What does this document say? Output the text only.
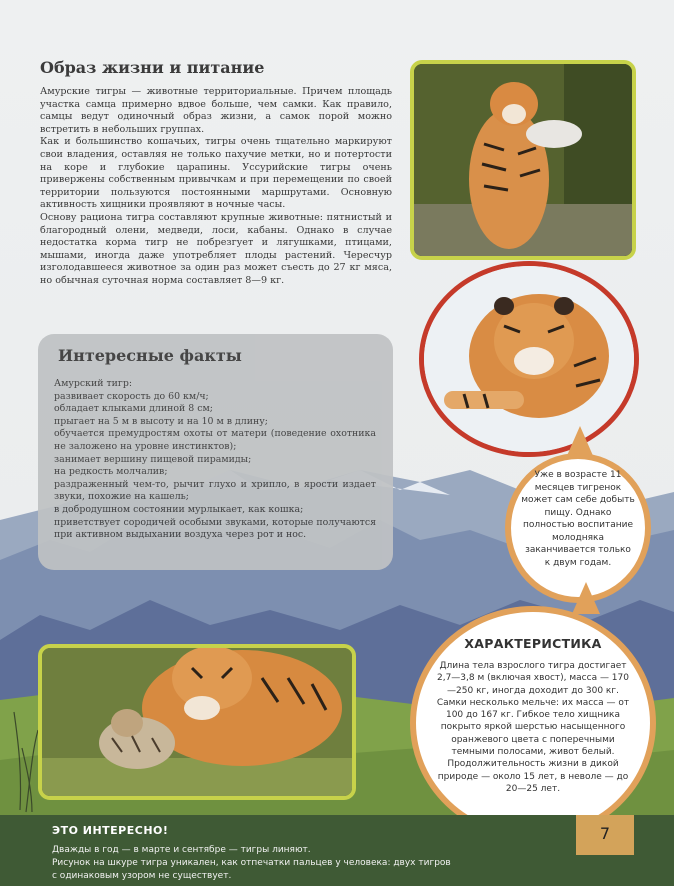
Образ жизни и питание

Амурские тигры — животные территориальные. Причем площадь участка самца примерно вдвое больше, чем самки. Как правило, самцы ведут одиночный образ жизни, а самок порой можно встретить в небольших группах.

Как и большинство кошачьих, тигры очень тщательно маркируют свои владения, оставляя не только пахучие метки, но и потертости на коре и глубокие царапины. Уссурийские тигры очень привержены собственным привычкам и при перемещении по своей территории пользуются постоянными маршрутами. Основную активность хищники проявляют в ночные часы.

Основу рациона тигра составляют крупные животные: пятнистый и благородный олени, медведи, лоси, кабаны. Однако в случае недостатка корма тигр не побрезгует и лягушками, птицами, мышами, иногда даже употребляет плоды растений. Чересчур изголодавшееся животное за один раз может съесть до 27 кг мяса, но обычная суточная норма составляет 8—9 кг.

Интересные факты
Амурский тигр:
развивает скорость до 60 км/ч;
обладает клыками длиной 8 см;
прыгает на 5 м в высоту и на 10 м в длину;
обучается премудростям охоты от матери (поведение охотника не заложено на уровне инстинктов);
занимает вершину пищевой пирамиды;
на редкость молчалив;
раздраженный чем-то, рычит глухо и хрипло, в ярости издает звуки, похожие на кашель;
в добродушном состоянии мурлыкает, как кошка;
приветствует сородичей особыми звуками, которые получаются при активном выдыхании воздуха через рот и нос.
Уже в возрасте 11 месяцев тигренок может сам себе добыть пищу. Однако полностью воспитание молодняка заканчивается только к двум годам.
ХАРАКТЕРИСТИКА
Длина тела взрослого тигра достигает 2,7—3,8 м (включая хвост), масса — 170—250 кг, иногда доходит до 300 кг. Самки несколько мельче: их масса — от 100 до 167 кг. Гибкое тело хищника покрыто яркой шерстью насыщенного оранжевого цвета с поперечными темными полосами, живот белый. Продолжительность жизни в дикой природе — около 15 лет, в неволе — до 20—25 лет.
ЭТО ИНТЕРЕСНО!
Дважды в год — в марте и сентябре — тигры линяют.
Рисунок на шкуре тигра уникален, как отпечатки пальцев у человека: двух тигров
с одинаковым узором не существует.
7
